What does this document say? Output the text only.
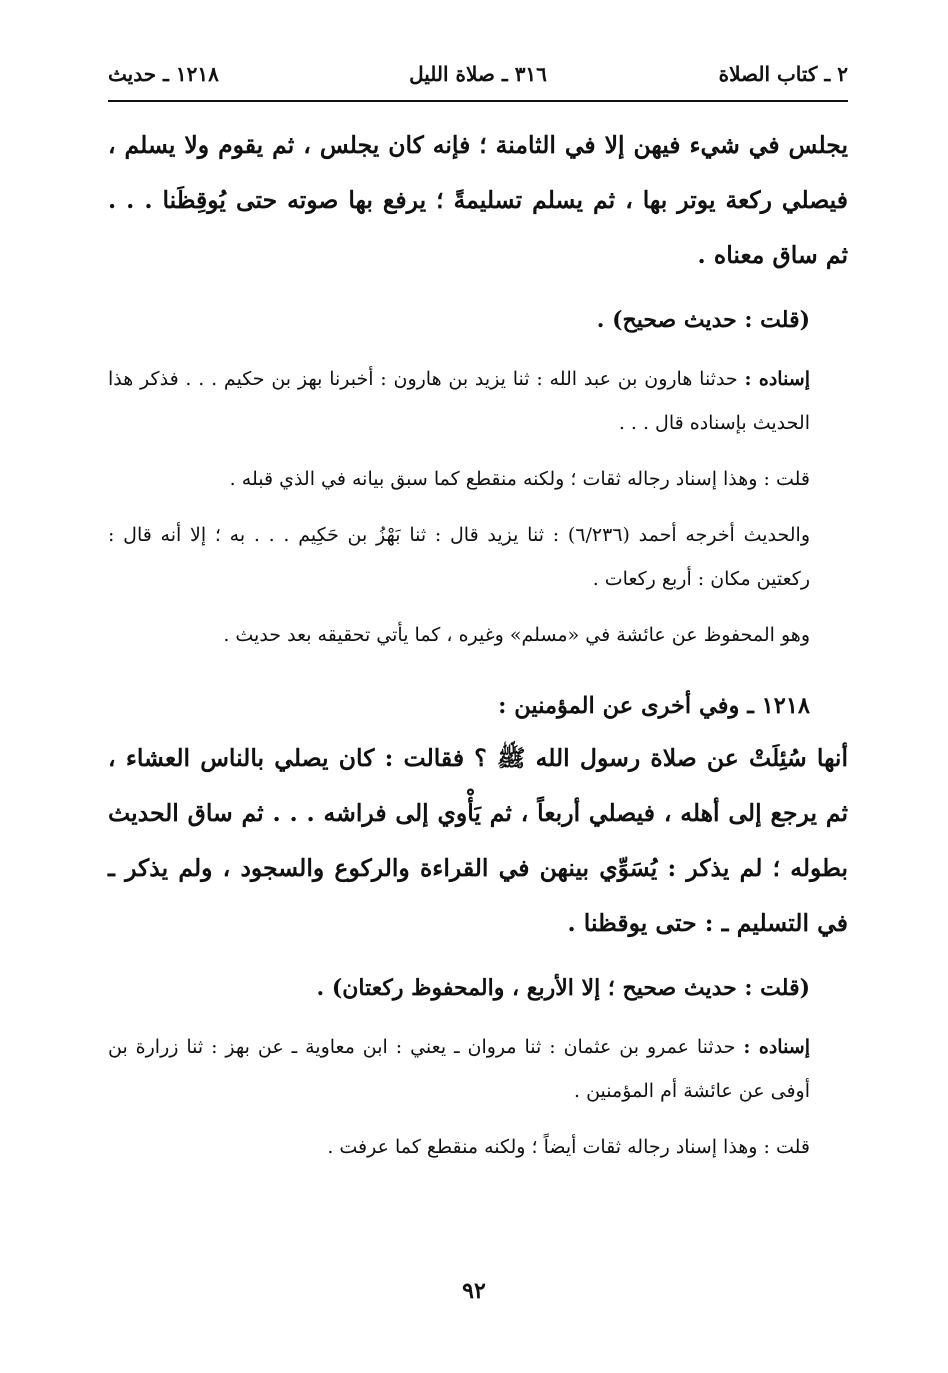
٢ ـ كتاب الصلاة
٣١٦ ـ صلاة الليل
١٢١٨ ـ حديث

يجلس في شيء فيهن إلا في الثامنة ؛ فإنه كان يجلس ، ثم يقوم ولا يسلم ، فيصلي ركعة يوتر بها ، ثم يسلم تسليمةً ؛ يرفع بها صوته حتى يُوقِظَنا . . . ثم ساق معناه .

(قلت : حديث صحيح) .

إسناده : حدثنا هارون بن عبد الله : ثنا يزيد بن هارون : أخبرنا بهز بن حكيم . . . فذكر هذا الحديث بإسناده قال . . .

قلت : وهذا إسناد رجاله ثقات ؛ ولكنه منقطع كما سبق بيانه في الذي قبله .

والحديث أخرجه أحمد (٦/٢٣٦) : ثنا يزيد قال : ثنا بَهْزُ بن حَكِيم . . . به ؛ إلا أنه قال : ركعتين مكان : أربع ركعات .

وهو المحفوظ عن عائشة في «مسلم» وغيره ، كما يأتي تحقيقه بعد حديث .

١٢١٨ ـ وفي أخرى عن المؤمنين :

أنها سُئِلَتْ عن صلاة رسول الله ﷺ ؟ فقالت : كان يصلي بالناس العشاء ، ثم يرجع إلى أهله ، فيصلي أربعاً ، ثم يَأْوي إلى فراشه . . . ثم ساق الحديث بطوله ؛ لم يذكر : يُسَوِّي بينهن في القراءة والركوع والسجود ، ولم يذكر ـ في التسليم ـ : حتى يوقظنا .

(قلت : حديث صحيح ؛ إلا الأربع ، والمحفوظ ركعتان) .

إسناده : حدثنا عمرو بن عثمان : ثنا مروان ـ يعني : ابن معاوية ـ عن بهز : ثنا زرارة بن أوفى عن عائشة أم المؤمنين .

قلت : وهذا إسناد رجاله ثقات أيضاً ؛ ولكنه منقطع كما عرفت .

٩٢
